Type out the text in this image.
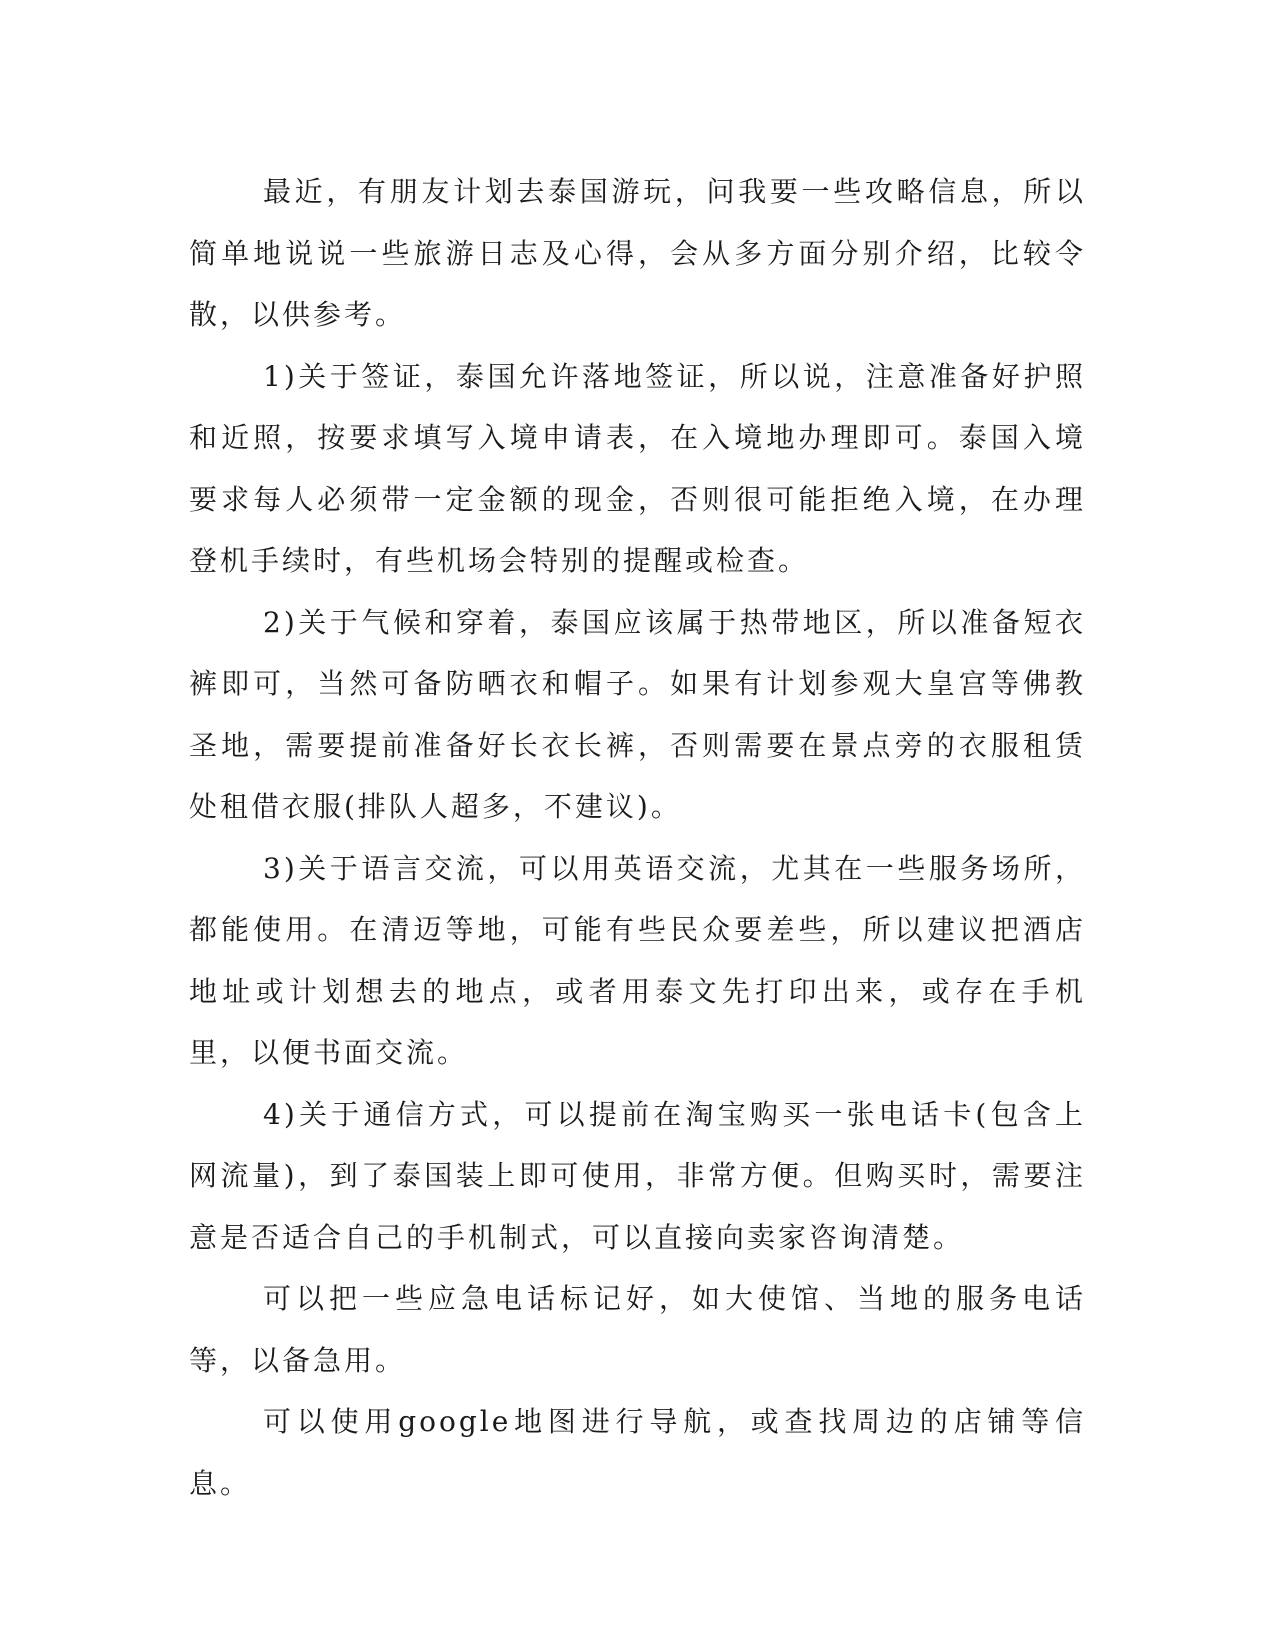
最近，有朋友计划去泰国游玩，问我要一些攻略信息，所以简单地说说一些旅游日志及心得，会从多方面分别介绍，比较令散，以供参考。

1)关于签证，泰国允许落地签证，所以说，注意准备好护照和近照，按要求填写入境申请表，在入境地办理即可。泰国入境要求每人必须带一定金额的现金，否则很可能拒绝入境，在办理登机手续时，有些机场会特别的提醒或检查。

2)关于气候和穿着，泰国应该属于热带地区，所以准备短衣裤即可，当然可备防晒衣和帽子。如果有计划参观大皇宫等佛教圣地，需要提前准备好长衣长裤，否则需要在景点旁的衣服租赁处租借衣服(排队人超多，不建议)。

3)关于语言交流，可以用英语交流，尤其在一些服务场所，都能使用。在清迈等地，可能有些民众要差些，所以建议把酒店地址或计划想去的地点，或者用泰文先打印出来，或存在手机里，以便书面交流。

4)关于通信方式，可以提前在淘宝购买一张电话卡(包含上网流量)，到了泰国装上即可使用，非常方便。但购买时，需要注意是否适合自己的手机制式，可以直接向卖家咨询清楚。

可以把一些应急电话标记好，如大使馆、当地的服务电话等，以备急用。

可以使用google地图进行导航，或查找周边的店铺等信息。
